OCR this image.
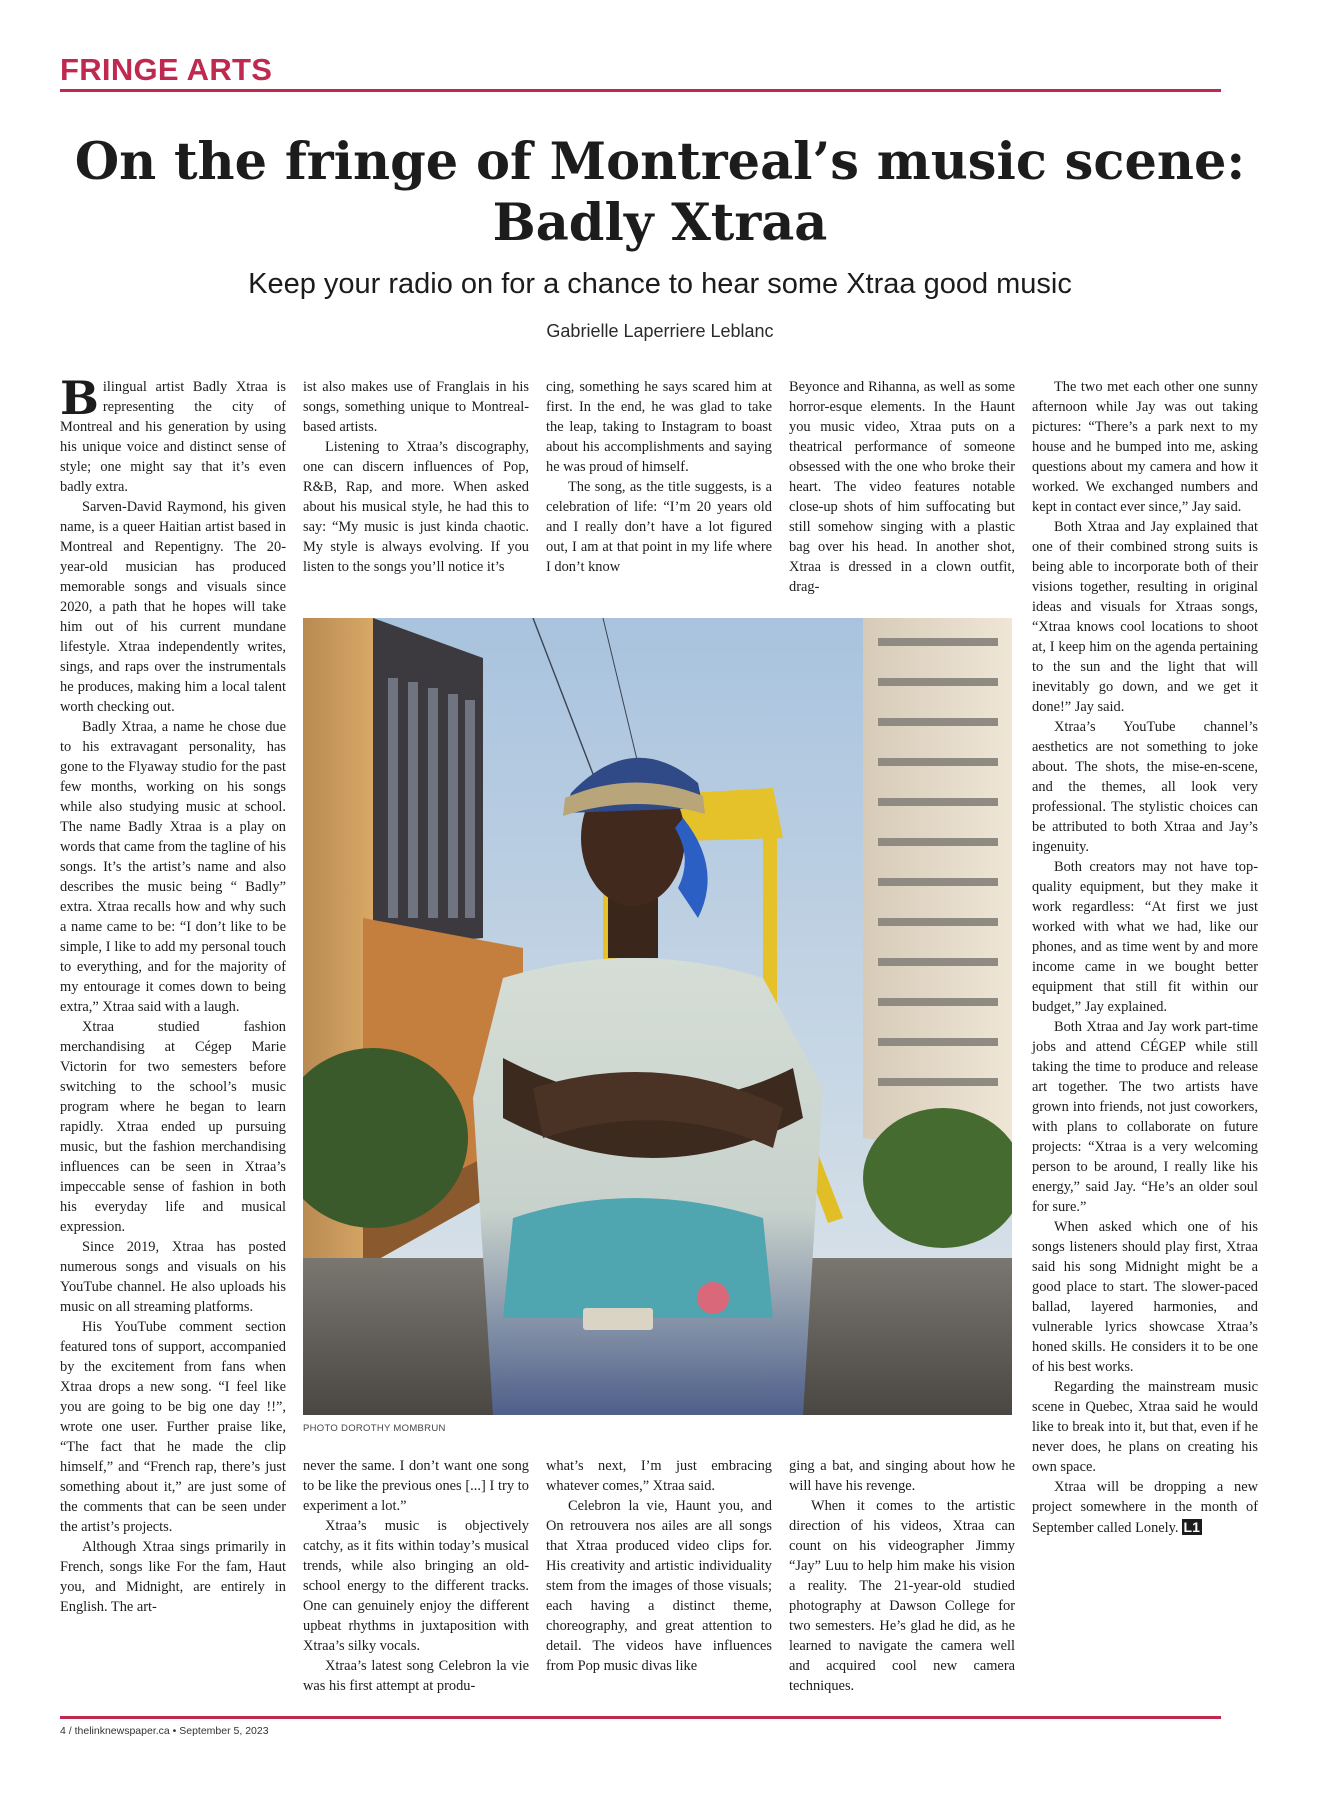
FRINGE ARTS
On the fringe of Montreal’s music scene:
Badly Xtraa
Keep your radio on for a chance to hear some Xtraa good music
Gabrielle Laperriere Leblanc

Bilingual artist Badly Xtraa is representing the city of Montreal and his generation by using his unique voice and distinct sense of style; one might say that it’s even badly extra.

Sarven-David Raymond, his given name, is a queer Haitian artist based in Montreal and Repentigny. The 20-year-old musician has produced memorable songs and visuals since 2020, a path that he hopes will take him out of his current mundane lifestyle. Xtraa independently writes, sings, and raps over the instrumentals he produces, making him a local talent worth checking out.

Badly Xtraa, a name he chose due to his extravagant personality, has gone to the Flyaway studio for the past few months, working on his songs while also studying music at school. The name Badly Xtraa is a play on words that came from the tagline of his songs. It’s the artist’s name and also describes the music being “ Badly” extra. Xtraa recalls how and why such a name came to be: “I don’t like to be simple, I like to add my personal touch to everything, and for the majority of my entourage it comes down to being extra,” Xtraa said with a laugh.

Xtraa studied fashion merchandising at Cégep Marie Victorin for two semesters before switching to the school’s music program where he began to learn rapidly. Xtraa ended up pursuing music, but the fashion merchandising influences can be seen in Xtraa’s impeccable sense of fashion in both his everyday life and musical expression.

Since 2019, Xtraa has posted numerous songs and visuals on his YouTube channel. He also uploads his music on all streaming platforms.

His YouTube comment section featured tons of support, accompanied by the excitement from fans when Xtraa drops a new song. “I feel like you are going to be big one day !!”, wrote one user. Further praise like, “The fact that he made the clip himself,” and “French rap, there’s just something about it,” are just some of the comments that can be seen under the artist’s projects.

Although Xtraa sings primarily in French, songs like For the fam, Haut you, and Midnight, are entirely in English. The art-

ist also makes use of Franglais in his songs, something unique to Montreal-based artists.

Listening to Xtraa’s discography, one can discern influences of Pop, R&B, Rap, and more. When asked about his musical style, he had this to say: “My music is just kinda chaotic. My style is always evolving. If you listen to the songs you’ll notice it’s

cing, something he says scared him at first. In the end, he was glad to take the leap, taking to Instagram to boast about his accomplishments and saying he was proud of himself.

The song, as the title suggests, is a celebration of life: “I’m 20 years old and I really don’t have a lot figured out, I am at that point in my life where I don’t know

Beyonce and Rihanna, as well as some horror-esque elements. In the Haunt you music video, Xtraa puts on a theatrical performance of someone obsessed with the one who broke their heart. The video features notable close-up shots of him suffocating but still somehow singing with a plastic bag over his head. In another shot, Xtraa is dressed in a clown outfit, drag-

PHOTO DOROTHY MOMBRUN

never the same. I don’t want one song to be like the previous ones [...] I try to experiment a lot.”

Xtraa’s music is objectively catchy, as it fits within today’s musical trends, while also bringing an old-school energy to the different tracks. One can genuinely enjoy the different upbeat rhythms in juxtaposition with Xtraa’s silky vocals.

Xtraa’s latest song Celebron la vie was his first attempt at produ-

what’s next, I’m just embracing whatever comes,” Xtraa said.

Celebron la vie, Haunt you, and On retrouvera nos ailes are all songs that Xtraa produced video clips for. His creativity and artistic individuality stem from the images of those visuals; each having a distinct theme, choreography, and great attention to detail. The videos have influences from Pop music divas like

ging a bat, and singing about how he will have his revenge.

When it comes to the artistic direction of his videos, Xtraa can count on his videographer Jimmy “Jay” Luu to help him make his vision a reality. The 21-year-old studied photography at Dawson College for two semesters. He’s glad he did, as he learned to navigate the camera well and acquired cool new camera techniques.

The two met each other one sunny afternoon while Jay was out taking pictures: “There’s a park next to my house and he bumped into me, asking questions about my camera and how it worked. We exchanged numbers and kept in contact ever since,” Jay said.

Both Xtraa and Jay explained that one of their combined strong suits is being able to incorporate both of their visions together, resulting in original ideas and visuals for Xtraas songs, “Xtraa knows cool locations to shoot at, I keep him on the agenda pertaining to the sun and the light that will inevitably go down, and we get it done!” Jay said.

Xtraa’s YouTube channel’s aesthetics are not something to joke about. The shots, the mise-en-scene, and the themes, all look very professional. The stylistic choices can be attributed to both Xtraa and Jay’s ingenuity.

Both creators may not have top-quality equipment, but they make it work regardless: “At first we just worked with what we had, like our phones, and as time went by and more income came in we bought better equipment that still fit within our budget,” Jay explained.

Both Xtraa and Jay work part-time jobs and attend CÉGEP while still taking the time to produce and release art together. The two artists have grown into friends, not just coworkers, with plans to collaborate on future projects: “Xtraa is a very welcoming person to be around, I really like his energy,” said Jay. “He’s an older soul for sure.”

When asked which one of his songs listeners should play first, Xtraa said his song Midnight might be a good place to start. The slower-paced ballad, layered harmonies, and vulnerable lyrics showcase Xtraa’s honed skills. He considers it to be one of his best works.

Regarding the mainstream music scene in Quebec, Xtraa said he would like to break into it, but that, even if he never does, he plans on creating his own space.

Xtraa will be dropping a new project somewhere in the month of September called Lonely. L1

4 / thelinknewspaper.ca • September 5, 2023
